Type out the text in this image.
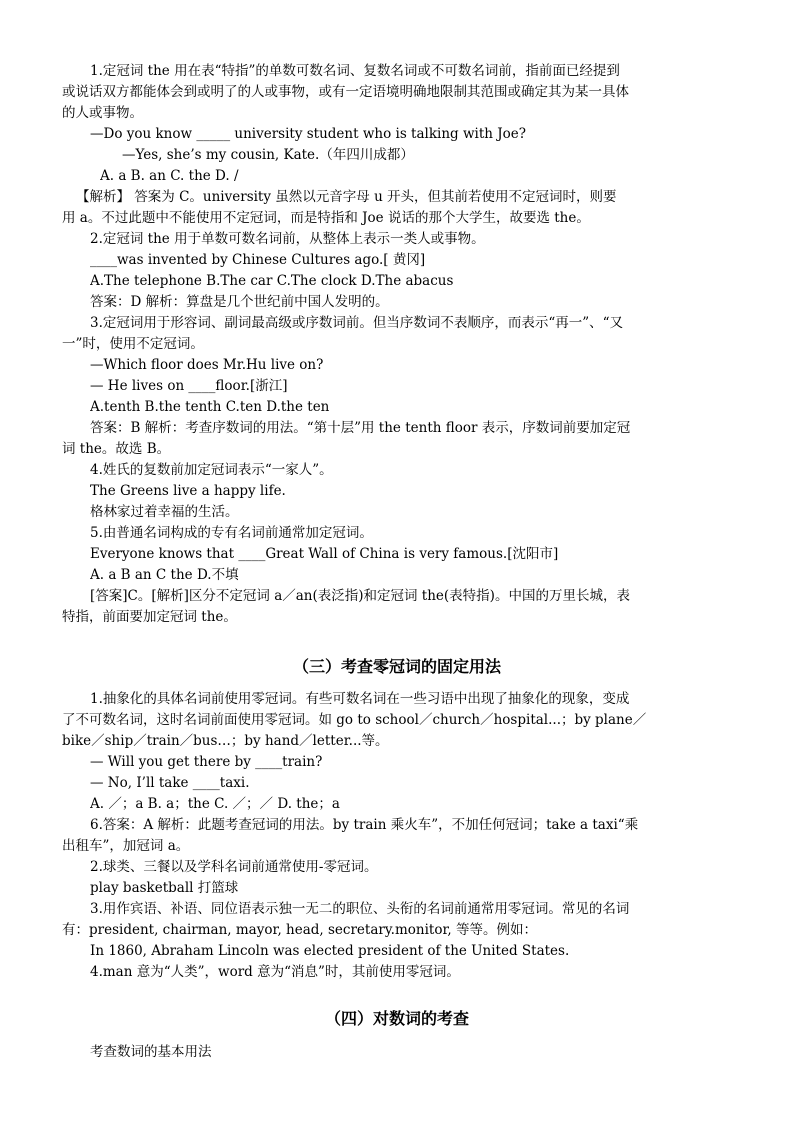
1.定冠词 the 用在表“特指”的单数可数名词、复数名词或不可数名词前，指前面已经提到
或说话双方都能体会到或明了的人或事物，或有一定语境明确地限制其范围或确定其为某一具体
的人或事物。
—Do you know _____ university student who is talking with Joe?
—Yes, she’s my cousin, Kate.（年四川成都）
A. a B. an C. the D. /
【解析】 答案为 C。university 虽然以元音字母 u 开头，但其前若使用不定冠词时，则要
用 a。不过此题中不能使用不定冠词，而是特指和 Joe 说话的那个大学生，故要选 the。
2.定冠词 the 用于单数可数名词前，从整体上表示一类人或事物。
____was invented by Chinese Cultures ago.[ 黄冈]
A.The telephone B.The car C.The clock D.The abacus
答案：D 解析：算盘是几个世纪前中国人发明的。
3.定冠词用于形容词、副词最高级或序数词前。但当序数词不表顺序，而表示“再一”、“又
一”时，使用不定冠词。
—Which floor does Mr.Hu live on?
— He lives on ____floor.[浙江]
A.tenth B.the tenth C.ten D.the ten
答案：B 解析：考查序数词的用法。“第十层”用 the tenth floor 表示，序数词前要加定冠
词 the。故选 B。
4.姓氏的复数前加定冠词表示“一家人”。
The Greens live a happy life.
格林家过着幸福的生活。
5.由普通名词构成的专有名词前通常加定冠词。
Everyone knows that ____Great Wall of China is very famous.[沈阳市]
A. a B an C the D.不填
[答案]C。[解析]区分不定冠词 a／an(表泛指)和定冠词 the(表特指)。中国的万里长城，表
特指，前面要加定冠词 the。
（三）考查零冠词的固定用法
1.抽象化的具体名词前使用零冠词。有些可数名词在一些习语中出现了抽象化的现象，变成
了不可数名词，这时名词前面使用零冠词。如 go to school／church／hospital...；by plane／
bike／ship／train／bus…；by hand／letter...等。
— Will you get there by ____train?
— No, I’ll take ____taxi.
A. ／；a B. a；the C. ／；／ D. the；a
6.答案：A 解析：此题考查冠词的用法。by train 乘火车”，不加任何冠词；take a taxi“乘
出租车”，加冠词 a。
2.球类、三餐以及学科名词前通常使用-零冠词。
play basketball 打篮球
3.用作宾语、补语、同位语表示独一无二的职位、头衔的名词前通常用零冠词。常见的名词
有：president, chairman, mayor, head, secretary.monitor, 等等。例如：
In 1860, Abraham Lincoln was elected president of the United States.
4.man 意为“人类”，word 意为“消息”时，其前使用零冠词。
（四）对数词的考查
考查数词的基本用法
